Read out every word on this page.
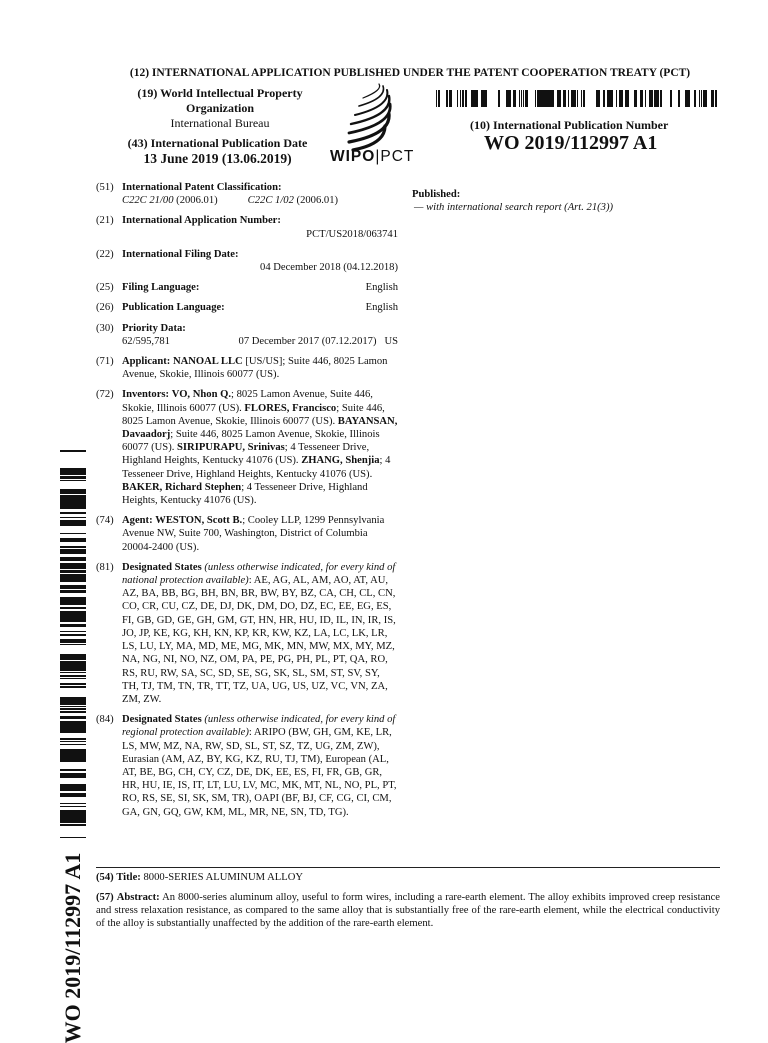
(12) INTERNATIONAL APPLICATION PUBLISHED UNDER THE PATENT COOPERATION TREATY (PCT)
(19) World Intellectual Property
Organization
International Bureau
(43) International Publication Date
13 June 2019 (13.06.2019)	WIPO|PCT
(10) International Publication Number
WO 2019/112997 A1
(51) International Patent Classification:
C22C 21/00 (2006.01)	C22C 1/02 (2006.01)
(21) International Application Number:
PCT/US2018/063741
(22) International Filing Date:
04 December 2018 (04.12.2018)
(25) Filing Language:	English
(26) Publication Language:	English
(30) Priority Data:
62/595,781	07 December 2017 (07.12.2017) US
(71) Applicant: NANOAL LLC [US/US]; Suite 446, 8025 Lamon Avenue, Skokie, Illinois 60077 (US).
(72) Inventors: VO, Nhon Q.; 8025 Lamon Avenue, Suite 446, Skokie, Illinois 60077 (US). FLORES, Francisco; Suite 446, 8025 Lamon Avenue, Skokie, Illinois 60077 (US). BAYANSAN, Davaadorj; Suite 446, 8025 Lamon Avenue, Skokie, Illinois 60077 (US). SIRIPURAPU, Srinivas; 4 Tesseneer Drive, Highland Heights, Kentucky 41076 (US). ZHANG, Shenjia; 4 Tesseneer Drive, Highland Heights, Kentucky 41076 (US). BAKER, Richard Stephen; 4 Tesseneer Drive, Highland Heights, Kentucky 41076 (US).
(74) Agent: WESTON, Scott B.; Cooley LLP, 1299 Pennsylvania Avenue NW, Suite 700, Washington, District of Columbia 20004-2400 (US).
(81) Designated States (unless otherwise indicated, for every kind of national protection available): AE, AG, AL, AM, AO, AT, AU, AZ, BA, BB, BG, BH, BN, BR, BW, BY, BZ, CA, CH, CL, CN, CO, CR, CU, CZ, DE, DJ, DK, DM, DO, DZ, EC, EE, EG, ES, FI, GB, GD, GE, GH, GM, GT, HN, HR, HU, ID, IL, IN, IR, IS, JO, JP, KE, KG, KH, KN, KP, KR, KW, KZ, LA, LC, LK, LR, LS, LU, LY, MA, MD, ME, MG, MK, MN, MW, MX, MY, MZ, NA, NG, NI, NO, NZ, OM, PA, PE, PG, PH, PL, PT, QA, RO, RS, RU, RW, SA, SC, SD, SE, SG, SK, SL, SM, ST, SV, SY, TH, TJ, TM, TN, TR, TT, TZ, UA, UG, US, UZ, VC, VN, ZA, ZM, ZW.
(84) Designated States (unless otherwise indicated, for every kind of regional protection available): ARIPO (BW, GH, GM, KE, LR, LS, MW, MZ, NA, RW, SD, SL, ST, SZ, TZ, UG, ZM, ZW), Eurasian (AM, AZ, BY, KG, KZ, RU, TJ, TM), European (AL, AT, BE, BG, CH, CY, CZ, DE, DK, EE, ES, FI, FR, GB, GR, HR, HU, IE, IS, IT, LT, LU, LV, MC, MK, MT, NL, NO, PL, PT, RO, RS, SE, SI, SK, SM, TR), OAPI (BF, BJ, CF, CG, CI, CM, GA, GN, GQ, GW, KM, ML, MR, NE, SN, TD, TG).
Published:
— with international search report (Art. 21(3))
(54) Title: 8000-SERIES ALUMINUM ALLOY
(57) Abstract: An 8000-series aluminum alloy, useful to form wires, including a rare-earth element. The alloy exhibits improved creep resistance and stress relaxation resistance, as compared to the same alloy that is substantially free of the rare-earth element, while the electrical conductivity of the alloy is substantially unaffected by the addition of the rare-earth element.
WO 2019/112997 A1
